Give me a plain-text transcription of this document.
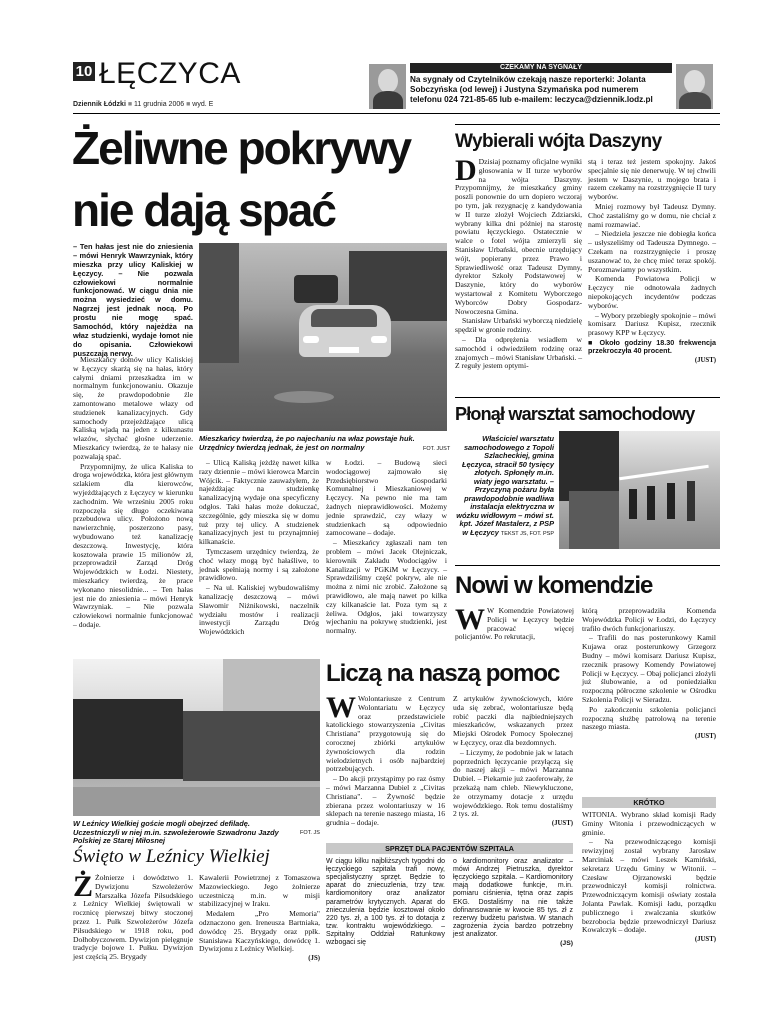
10 ŁĘCZYCA
Dziennik Łódzki ■ 11 grudnia 2006 ■ wyd. E
CZEKAMY NA SYGNAŁY
Na sygnały od Czytelników czekają nasze reporterki: Jolanta Sobczyńska (od lewej) i Justyna Szymańska pod numerem telefonu 024 721-85-65 lub e-mailem: leczyca@dziennik.lodz.pl
Żeliwne pokrywy
nie dają spać
– Ten hałas jest nie do zniesienia – mówi Henryk Wawrzyniak, który mieszka przy ulicy Kaliskiej w Łęczycy. – Nie pozwala człowiekowi normalnie funkcjonować. W ciągu dnia nie można wysiedzieć w domu. Nagrzej jest jednak nocą. Po prostu nie mogę spać. Samochód, który najeżdża na właz studzienki, wydaje łomot nie do opisania. Człowiekowi puszczają nerwy.

Mieszkańcy domów ulicy Kaliskiej w Łęczycy skarżą się na hałas, który całymi dniami przeszkadza im w normalnym funkcjonowaniu. Okazuje się, że prawdopodobnie źle zamontowano metalowe włazy od studzienek kanalizacyjnych. Gdy samochody przejeżdżające ulicą Kaliską wjadą na jeden z kilkunastu włazów, słychać głośne uderzenie. Mieszkańcy twierdzą, że te hałasy nie pozwalają spać.

Przypomnijmy, że ulica Kaliska to droga wojewódzka, która jest głównym szlakiem dla kierowców, wyjeżdżających z Łęczycy w kierunku zachodnim. We wrześniu 2005 roku rozpoczęła się długo oczekiwana przebudowa ulicy. Położono nową nawierzchnię, poszerzono pasy, wybudowano też kanalizację deszczową. Inwestycję, która kosztowała prawie 15 milionów zł, przeprowadził Zarząd Dróg Wojewódzkich w Łodzi. Niestety, mieszkańcy twierdzą, że prace wykonano niesolidnie... – Ten hałas jest nie do zniesienia – mówi Henryk Wawrzyniak. – Nie pozwala człowiekowi normalnie funkcjonować – dodaje.

Mieszkańcy twierdzą, że po najechaniu na właz powstaje huk. Urzędnicy twierdzą jednak, że jest on normalny	FOT. JUST

– Ulicą Kaliską jeżdżę nawet kilka razy dziennie – mówi kierowca Marcin Wójcik. – Faktycznie zauważyłem, że najeżdżając na studzienkę kanalizacyjną wydaje ona specyficzny odgłos. Taki hałas może dokuczać, szczególnie, gdy mieszka się w domu tuż przy tej ulicy. A studzienek kanalizacyjnych jest tu przynajmniej kilkanaście.

Tymczasem urzędnicy twierdzą, że choć włazy mogą być hałaśliwe, to jednak spełniają normy i są założone prawidłowo.

– Na ul. Kaliskiej wybudowaliśmy kanalizację deszczową – mówi Sławomir Niżnikowski, naczelnik wydziału mostów i realizacji inwestycji Zarządu Dróg Wojewódzkich

w Łodzi. – Budową sieci wodociągowej zajmowało się Przedsiębiorstwo Gospodarki Komunalnej i Mieszkaniowej w Łęczycy. Na pewno nie ma tam żadnych nieprawidłowości. Możemy jednie sprawdzić, czy włazy w studzienkach są odpowiednio zamocowane – dodaje.

– Mieszkańcy zgłaszali nam ten problem – mówi Jacek Olejniczak, kierownik Zakładu Wodociągów i Kanalizacji w PGKiM w Łęczycy. – Sprawdziliśmy część pokryw, ale nie można z nimi nic zrobić. Założone są prawidłowo, ale mają nawet po kilka czy kilkanaście lat. Poza tym są z żeliwa. Odgłos, jaki towarzyszy wjechaniu na pokrywę studzienki, jest normalny.

Wybierali wójta Daszyny

D Dzisiaj poznamy oficjalne wyniki głosowania w II turze wyborów na wójta Daszyny. Przypomnijmy, że mieszkańcy gminy poszli ponownie do urn dopiero wczoraj po tym, jak rezygnację z kandydowania w II turze złożył Wojciech Zdziarski, wybrany kilka dni później na starostę powiatu łęczyckiego. Ostatecznie w walce o fotel wójta zmierzyli się Stanisław Urbański, obecnie urzędujący wójt, popierany przez Prawo i Sprawiedliwość oraz Tadeusz Dymny, dyrektor Szkoły Podstawowej w Daszynie, który do wyborów wystartował z Komitetu Wyborczego Wyborców Dobry Gospodarz-Nowoczesna Gmina.

Stanisław Urbański wyborczą niedzielę spędził w gronie rodziny.

– Dla odprężenia wsiadłem w samochód i odwiedziłem rodzinę oraz znajomych – mówi Stanisław Urbański. – Z reguły jestem optymi-

stą i teraz też jestem spokojny. Jakoś specjalnie się nie denerwuję. W tej chwili jestem w Daszynie, u mojego brata i razem czekamy na rozstrzygnięcie II tury wyborów.

Mniej rozmowy był Tadeusz Dymny. Choć zastaliśmy go w domu, nie chciał z nami rozmawiać.

– Niedziela jeszcze nie dobiegła końca – usłyszeliśmy od Tadeusza Dymnego. – Czekam na rozstrzygnięcie i proszę uszanować to, że chcę mieć teraz spokój. Porozmawiamy po wszystkim.

Komenda Powiatowa Policji w Łęczycy nie odnotowała żadnych niepokojących incydentów podczas wyborów.

– Wybory przebiegły spokojnie – mówi komisarz Dariusz Kupisz, rzecznik prasowy KPP w Łęczycy.

■ Około godziny 18.30 frekwencja przekroczyła 40 procent.

(JUST)
Płonął warsztat samochodowy
Właściciel warsztatu samochodowego z Topoli Szlacheckiej, gmina Łęczyca, stracił 50 tysięcy złotych. Spłonęły m.in. wiaty jego warsztatu. – Przyczyną pożaru była prawdopodobnie wadliwa instalacja elektryczna w wózku widłowym – mówi st. kpt. Józef Mastalerz, z PSP w Łęczycy TEKST JS, FOT. PSP
Nowi w komendzie

W W Komendzie Powiatowej Policji w Łęczycy będzie pracować więcej policjantów. Po rekrutacji,

którą przeprowadziła Komenda Wojewódzka Policji w Łodzi, do Łęczycy trafiło dwóch funkcjonariuszy.

– Trafili do nas posterunkowy Kamil Kujawa oraz posterunkowy Grzegorz Budny – mówi komisarz Dariusz Kupisz, rzecznik prasowy Komendy Powiatowej Policji w Łęczycy. – Obaj policjanci złożyli już ślubowanie, a od poniedziałku rozpoczną półroczne szkolenie w Ośrodku Szkolenia Policji w Sieradzu.

Po zakończeniu szkolenia policjanci rozpoczną służbę patrolową na terenie naszego miasta.

(JUST)
W Leźnicy Wielkiej goście mogli obejrzeć defiladę. Uczestniczyli w niej m.in. szwoleżerowie Szwadronu Jazdy Polskiej ze Starej Miłosnej
FOT. JS
Święto w Leźnicy Wielkiej

Ż Żołnierze i dowództwo 1. Dywizjonu Szwoleżerów Marszałka Józefa Piłsudskiego z Leźnicy Wielkiej świętowali w rocznicę pierwszej bitwy stoczonej przez 1. Pułk Szwoleżerów Józefa Piłsudskiego w 1918 roku, pod Dołhobyczowem. Dywizjon pielęgnuje tradycje bojowe 1. Pułku. Dywizjon jest częścią 25. Brygady

Kawalerii Powietrznej z Tomaszowa Mazowieckiego. Jego żołnierze uczestniczą m.in. w misji stabilizacyjnej w Iraku.

Medalem „Pro Memoria" odznaczono gen. Ireneusza Bartniaka, dowódcę 25. Brygady oraz ppłk. Stanisława Kaczyńskiego, dowódcę 1. Dywizjonu z Leźnicy Wielkiej.

(JS)
Liczą na naszą pomoc

W Wolontariusze z Centrum Wolontariatu w Łęczycy oraz przedstawiciele katolickiego stowarzyszenia „Civitas Christiana" przygotowują się do corocznej zbiórki artykułów żywnościowych dla rodzin wielodzietnych i osób najbardziej potrzebujących.

– Do akcji przystąpimy po raz ósmy – mówi Marzanna Dubiel z „Civitas Christiana". – Żywność będzie zbierana przez wolontariuszy w 16 sklepach na terenie naszego miasta, 16 grudnia – dodaje.

Z artykułów żywnościowych, które uda się zebrać, wolontariusze będą robić paczki dla najbiedniejszych mieszkańców, wskazanych przez Miejski Ośrodek Pomocy Społecznej w Łęczycy, oraz dla bezdomnych.

– Liczymy, że podobnie jak w latach poprzednich łęczycanie przyłączą się do naszej akcji – mówi Marzanna Dubiel. – Piekarnie już zaoferowały, że przekażą nam chleb. Niewykluczone, że otrzymamy dotacje z urzędu wojewódzkiego. Rok temu dostaliśmy 2 tys. zł.

(JUST)
SPRZĘT DLA PACJENTÓW SZPITALA

W ciągu kilku najbliższych tygodni do łęczyckiego szpitala trafi nowy, specjalistyczny sprzęt. Będzie to aparat do zniecuzlenia, trzy tzw. kardiomonitory oraz analizator parametrów krytycznych. Aparat do znieczulenia będzie kosztował około 220 tys. zł, a 100 tys. zł to dotacja z tzw. kontraktu wojewódzkiego. – Szpitalny Oddział Ratunkowy wzbogaci się

o kardiomonitory oraz analizator – mówi Andrzej Pietruszka, dyrektor łęczyckiego szpitala. – Kardiomonitory mają dodatkowe funkcje, m.in. pomiaru ciśnienia, tętna oraz zapis EKG. Dostaliśmy na nie także dofinansowanie w kwocie 85 tys. zł z rezerwy budżetu państwa. W stanach zagrożenia życia bardzo potrzebny jest analizator.

(JS)
KRÓTKO

WITONIA. Wybrano skład komisji Rady Gminy Witonia i przewodniczących w gminie.

– Na przewodniczącego komisji rewizyjnej został wybrany Jarosław Marciniak – mówi Leszek Kamiński, sekretarz Urzędu Gminy w Witonii. – Czesław Ojrzanowski będzie przewodniczył komisji rolnictwa. Przewodniczącym komisji oświaty została Jolanta Pawlak. Komisji ładu, porządku publicznego i zwalczania skutków bezrobocia będzie przewodniczył Dariusz Kowalczyk – dodaje.

(JUST)
